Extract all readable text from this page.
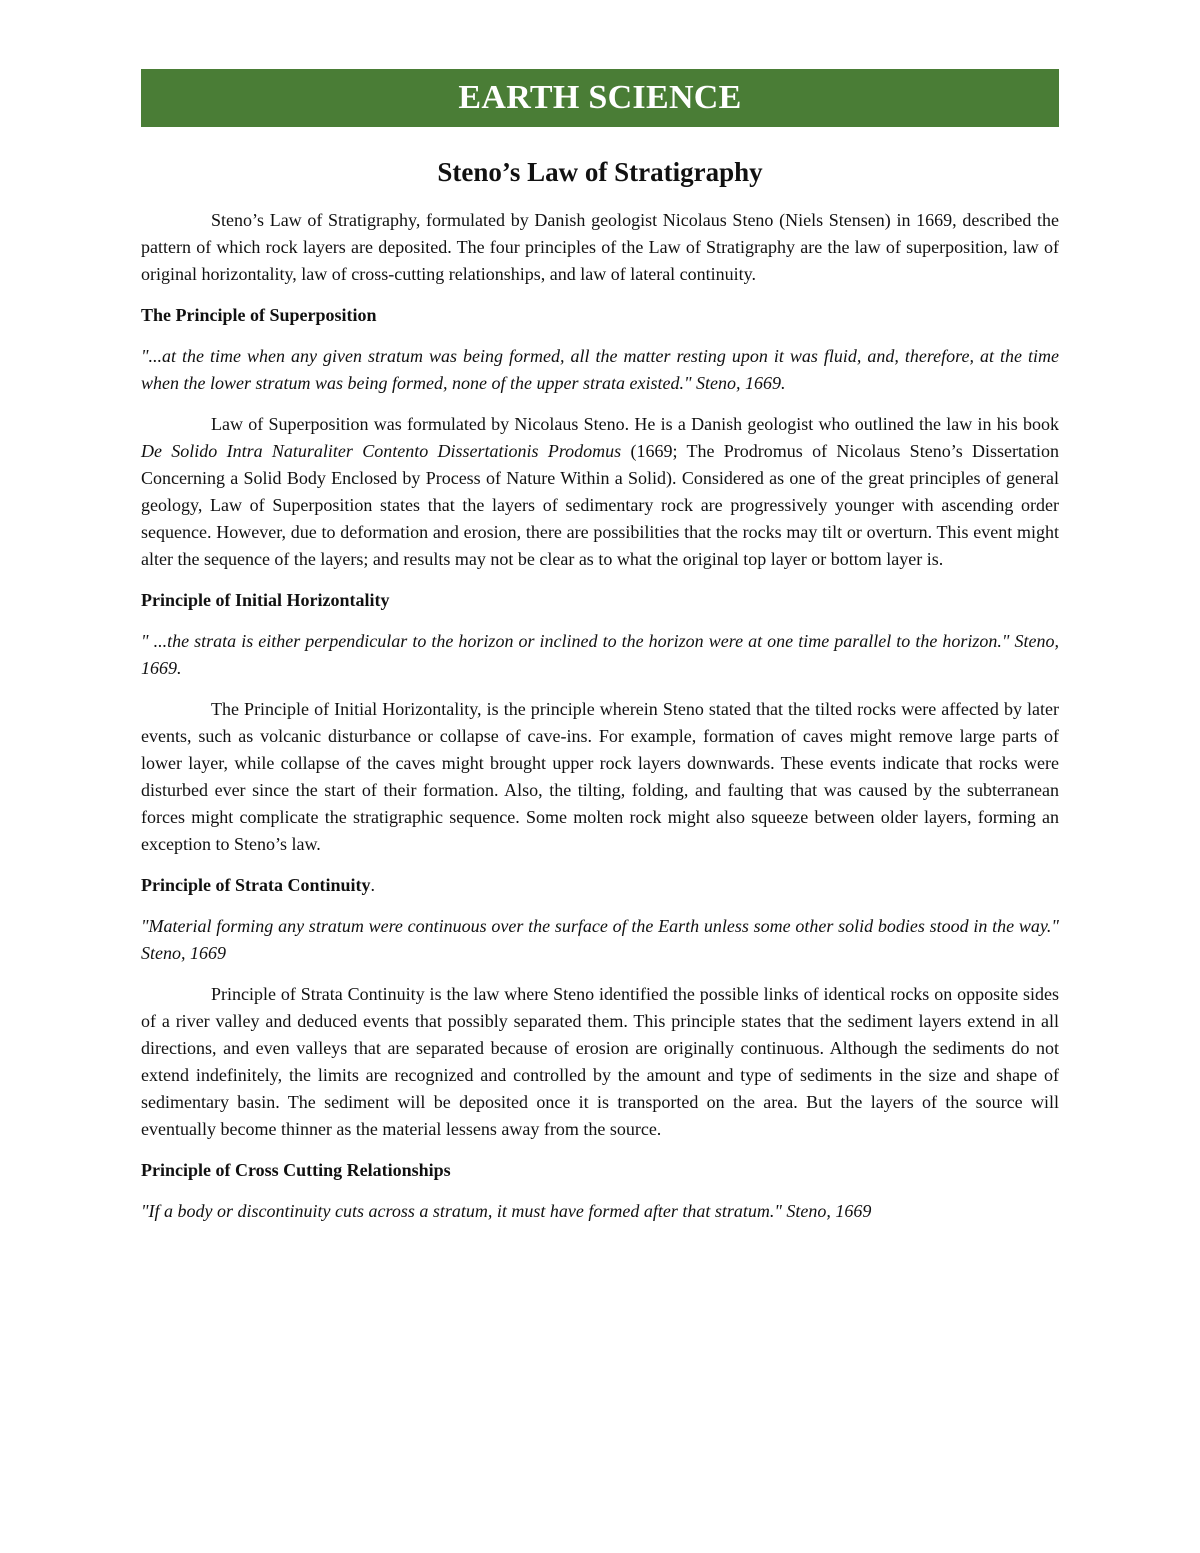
EARTH SCIENCE
Steno’s Law of Stratigraphy

Steno’s Law of Stratigraphy, formulated by Danish geologist Nicolaus Steno (Niels Stensen) in 1669, described the pattern of which rock layers are deposited. The four principles of the Law of Stratigraphy are the law of superposition, law of original horizontality, law of cross-cutting relationships, and law of lateral continuity.

The Principle of Superposition

"...at the time when any given stratum was being formed, all the matter resting upon it was fluid, and, therefore, at the time when the lower stratum was being formed, none of the upper strata existed." Steno, 1669.

Law of Superposition was formulated by Nicolaus Steno. He is a Danish geologist who outlined the law in his book De Solido Intra Naturaliter Contento Dissertationis Prodomus (1669; The Prodromus of Nicolaus Steno’s Dissertation Concerning a Solid Body Enclosed by Process of Nature Within a Solid). Considered as one of the great principles of general geology, Law of Superposition states that the layers of sedimentary rock are progressively younger with ascending order sequence. However, due to deformation and erosion, there are possibilities that the rocks may tilt or overturn. This event might alter the sequence of the layers; and results may not be clear as to what the original top layer or bottom layer is.

Principle of Initial Horizontality

" ...the strata is either perpendicular to the horizon or inclined to the horizon were at one time parallel to the horizon." Steno, 1669.

The Principle of Initial Horizontality, is the principle wherein Steno stated that the tilted rocks were affected by later events, such as volcanic disturbance or collapse of cave-ins. For example, formation of caves might remove large parts of lower layer, while collapse of the caves might brought upper rock layers downwards. These events indicate that rocks were disturbed ever since the start of their formation. Also, the tilting, folding, and faulting that was caused by the subterranean forces might complicate the stratigraphic sequence. Some molten rock might also squeeze between older layers, forming an exception to Steno’s law.

Principle of Strata Continuity.

"Material forming any stratum were continuous over the surface of the Earth unless some other solid bodies stood in the way." Steno, 1669

Principle of Strata Continuity is the law where Steno identified the possible links of identical rocks on opposite sides of a river valley and deduced events that possibly separated them. This principle states that the sediment layers extend in all directions, and even valleys that are separated because of erosion are originally continuous. Although the sediments do not extend indefinitely, the limits are recognized and controlled by the amount and type of sediments in the size and shape of sedimentary basin. The sediment will be deposited once it is transported on the area. But the layers of the source will eventually become thinner as the material lessens away from the source.

Principle of Cross Cutting Relationships

"If a body or discontinuity cuts across a stratum, it must have formed after that stratum." Steno, 1669
